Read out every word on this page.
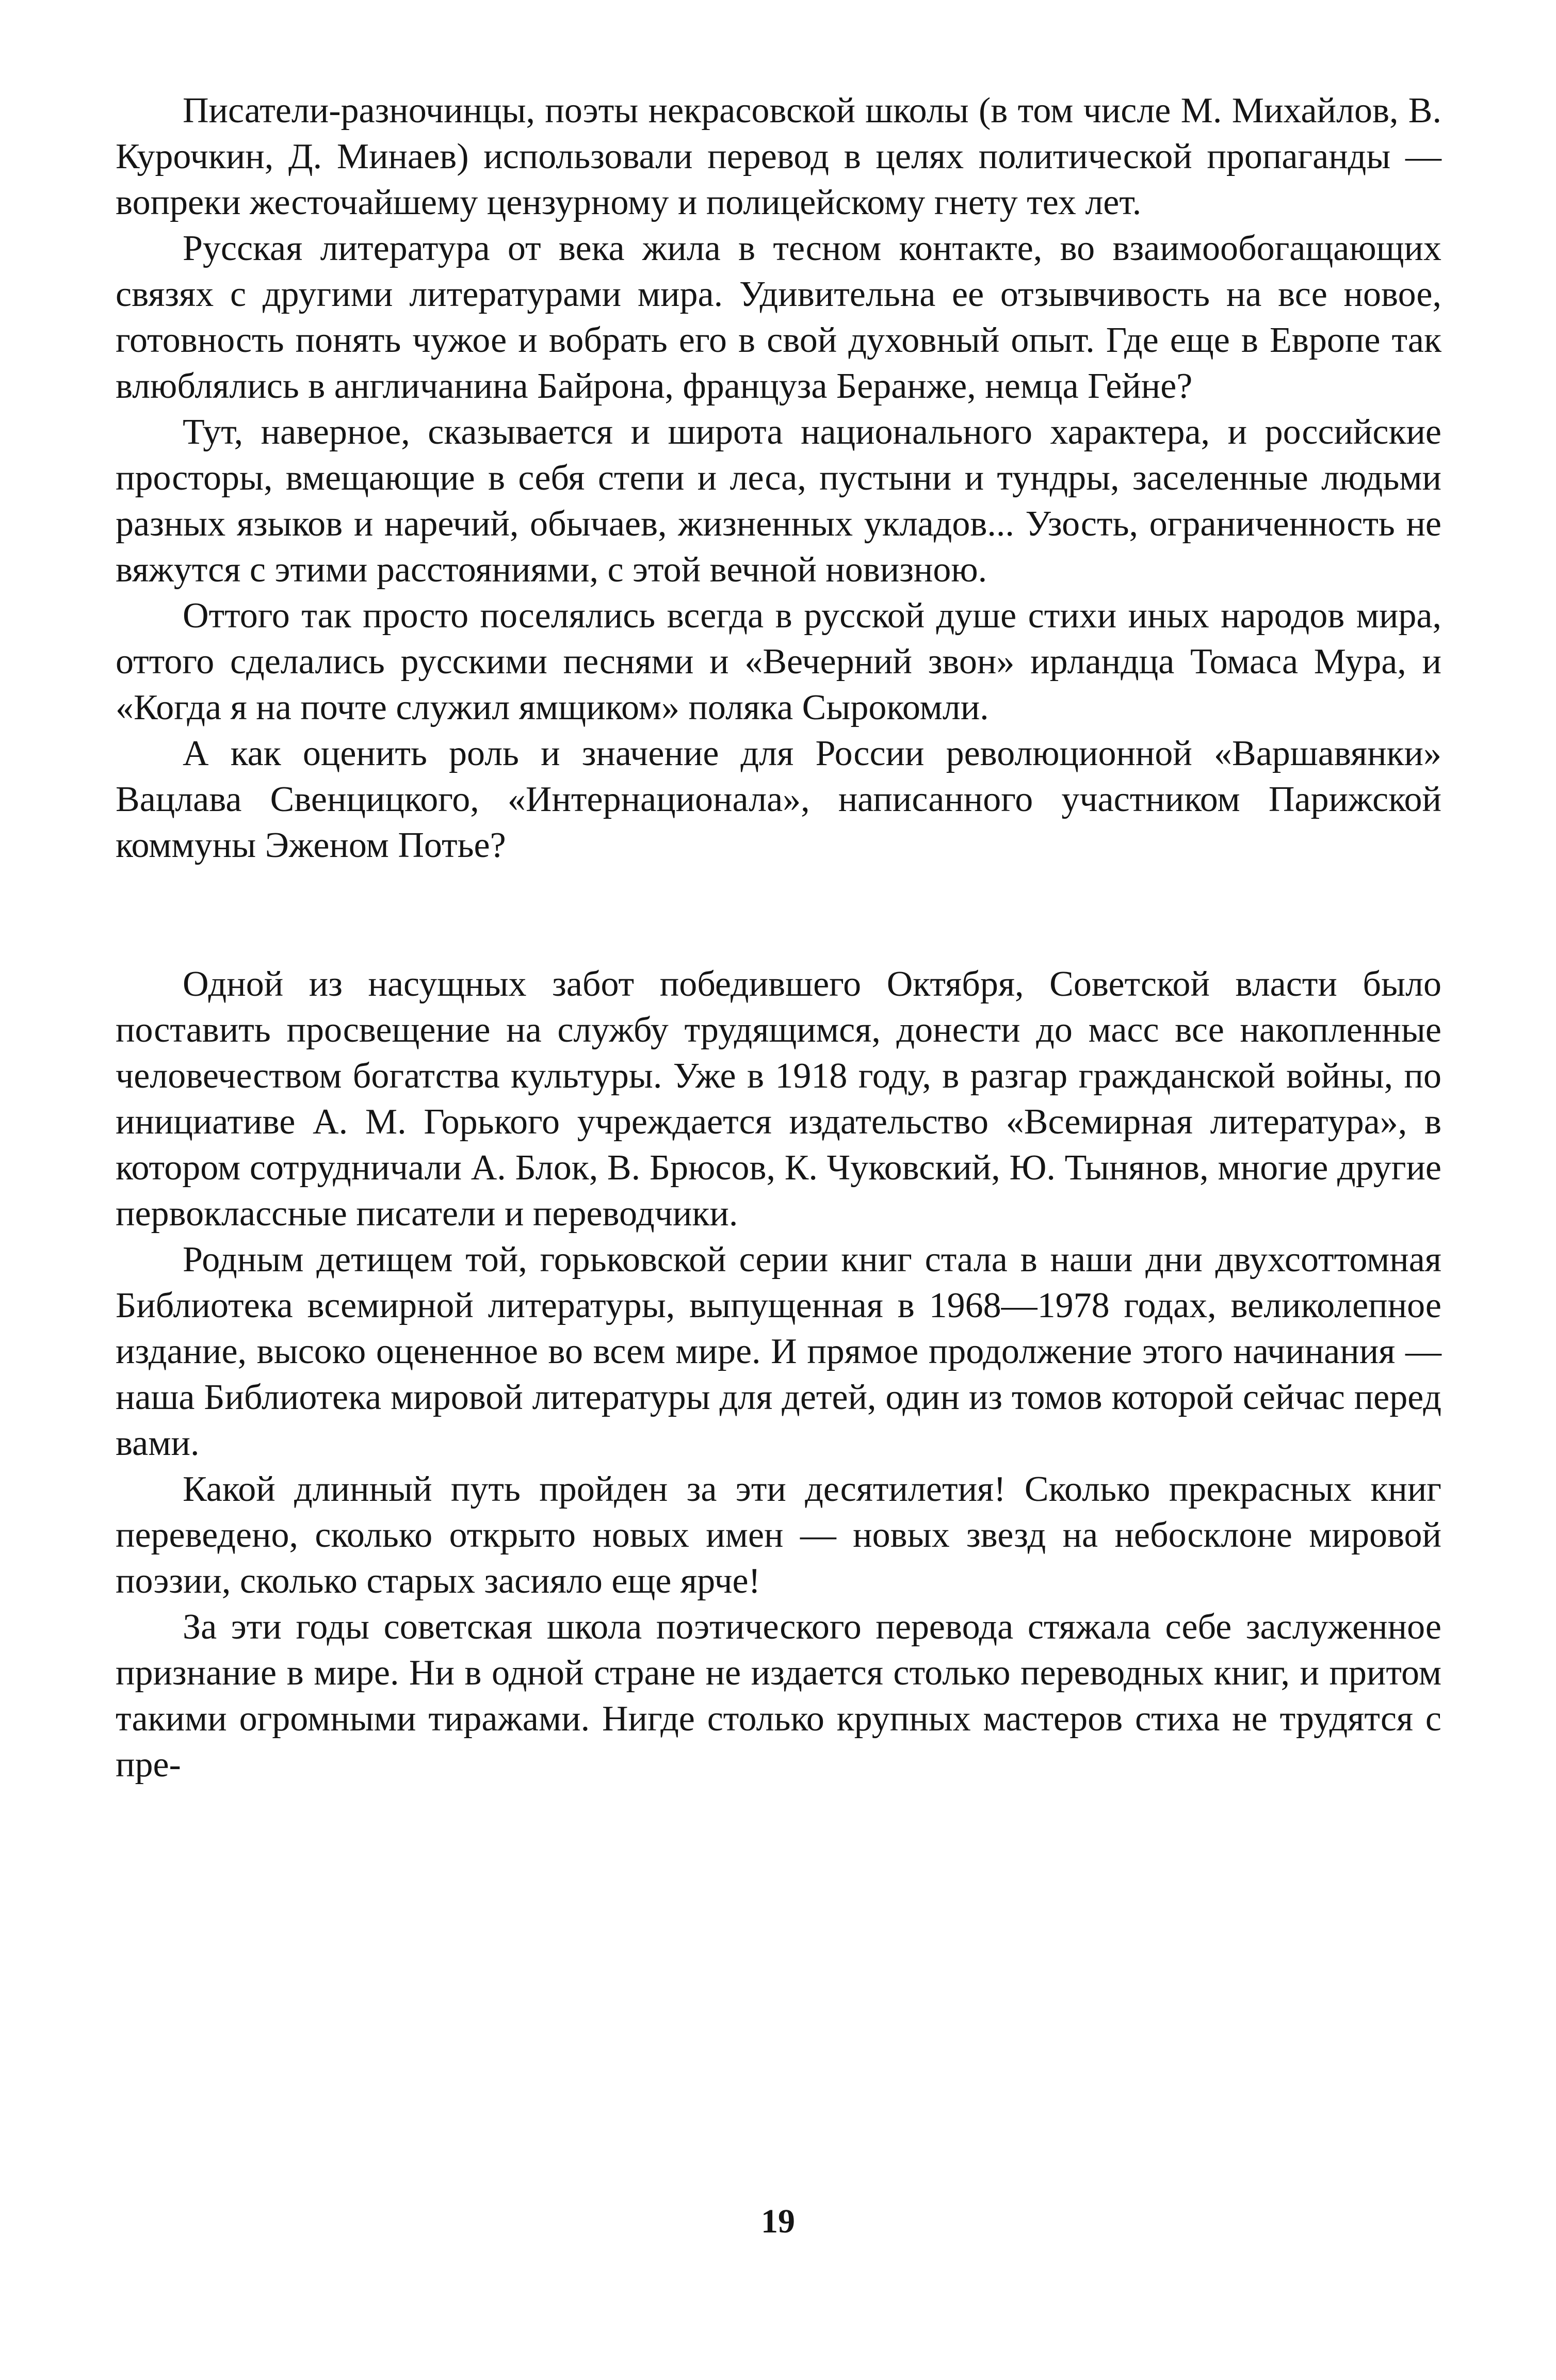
Писатели-разночинцы, поэты некрасовской школы (в том числе М. Михайлов, В. Курочкин, Д. Минаев) использовали перевод в целях политической пропаганды — вопреки жесточайшему цензурному и полицейскому гнету тех лет.

Русская литература от века жила в тесном контакте, во взаимообогащающих связях с другими литературами мира. Удивительна ее отзывчивость на все новое, готовность понять чужое и вобрать его в свой духовный опыт. Где еще в Европе так влюблялись в англичанина Байрона, француза Беранже, немца Гейне?

Тут, наверное, сказывается и широта национального характера, и российские просторы, вмещающие в себя степи и леса, пустыни и тундры, заселенные людьми разных языков и наречий, обычаев, жизненных укладов... Узость, ограниченность не вяжутся с этими расстояниями, с этой вечной новизною.

Оттого так просто поселялись всегда в русской душе стихи иных народов мира, оттого сделались русскими песнями и «Вечерний звон» ирландца Томаса Мура, и «Когда я на почте служил ямщиком» поляка Сырокомли.

А как оценить роль и значение для России революционной «Варшавянки» Вацлава Свенцицкого, «Интернационала», написанного участником Парижской коммуны Эженом Потье?

Одной из насущных забот победившего Октября, Советской власти было поставить просвещение на службу трудящимся, донести до масс все накопленные человечеством богатства культуры. Уже в 1918 году, в разгар гражданской войны, по инициативе А. М. Горького учреждается издательство «Всемирная литература», в котором сотрудничали А. Блок, В. Брюсов, К. Чуковский, Ю. Тынянов, многие другие первоклассные писатели и переводчики.

Родным детищем той, горьковской серии книг стала в наши дни двухсоттомная Библиотека всемирной литературы, выпущенная в 1968—1978 годах, великолепное издание, высоко оцененное во всем мире. И прямое продолжение этого начинания — наша Библиотека мировой литературы для детей, один из томов которой сейчас перед вами.

Какой длинный путь пройден за эти десятилетия! Сколько прекрасных книг переведено, сколько открыто новых имен — новых звезд на небосклоне мировой поэзии, сколько старых засияло еще ярче!

За эти годы советская школа поэтического перевода стяжала себе заслуженное признание в мире. Ни в одной стране не издается столько переводных книг, и притом такими огромными тиражами. Нигде столько крупных мастеров стиха не трудятся с пре-

19
